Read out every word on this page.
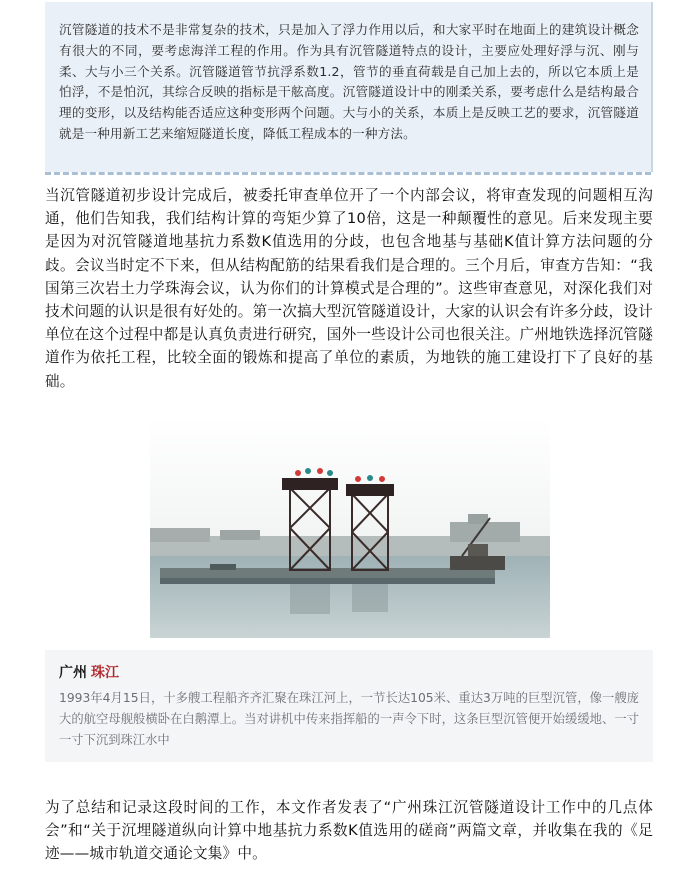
沉管隧道的技术不是非常复杂的技术，只是加入了浮力作用以后，和大家平时在地面上的建筑设计概念有很大的不同，要考虑海洋工程的作用。作为具有沉管隧道特点的设计，主要应处理好浮与沉、刚与柔、大与小三个关系。沉管隧道管节抗浮系数1.2，管节的垂直荷载是自己加上去的，所以它本质上是怕浮，不是怕沉，其综合反映的指标是干舷高度。沉管隧道设计中的刚柔关系，要考虑什么是结构最合理的变形，以及结构能否适应这种变形两个问题。大与小的关系，本质上是反映工艺的要求，沉管隧道就是一种用新工艺来缩短隧道长度，降低工程成本的一种方法。

当沉管隧道初步设计完成后，被委托审查单位开了一个内部会议，将审查发现的问题相互沟通，他们告知我，我们结构计算的弯矩少算了10倍，这是一种颠覆性的意见。后来发现主要是因为对沉管隧道地基抗力系数K值选用的分歧，也包含地基与基础K值计算方法问题的分歧。会议当时定不下来，但从结构配筋的结果看我们是合理的。三个月后，审查方告知：“我国第三次岩土力学珠海会议，认为你们的计算模式是合理的”。这些审查意见，对深化我们对技术问题的认识是很有好处的。第一次搞大型沉管隧道设计，大家的认识会有许多分歧，设计单位在这个过程中都是认真负责进行研究，国外一些设计公司也很关注。广州地铁选择沉管隧道作为依托工程，比较全面的锻炼和提高了单位的素质，为地铁的施工建设打下了良好的基础。

广州 珠江

1993年4月15日，十多艘工程船齐齐汇聚在珠江河上，一节长达105米、重达3万吨的巨型沉管，像一艘庞大的航空母舰般横卧在白鹅潭上。当对讲机中传来指挥船的一声令下时，这条巨型沉管便开始缓缓地、一寸一寸下沉到珠江水中

为了总结和记录这段时间的工作，本文作者发表了“广州珠江沉管隧道设计工作中的几点体会”和“关于沉埋隧道纵向计算中地基抗力系数K值选用的磋商”两篇文章，并收集在我的《足迹——城市轨道交通论文集》中。
